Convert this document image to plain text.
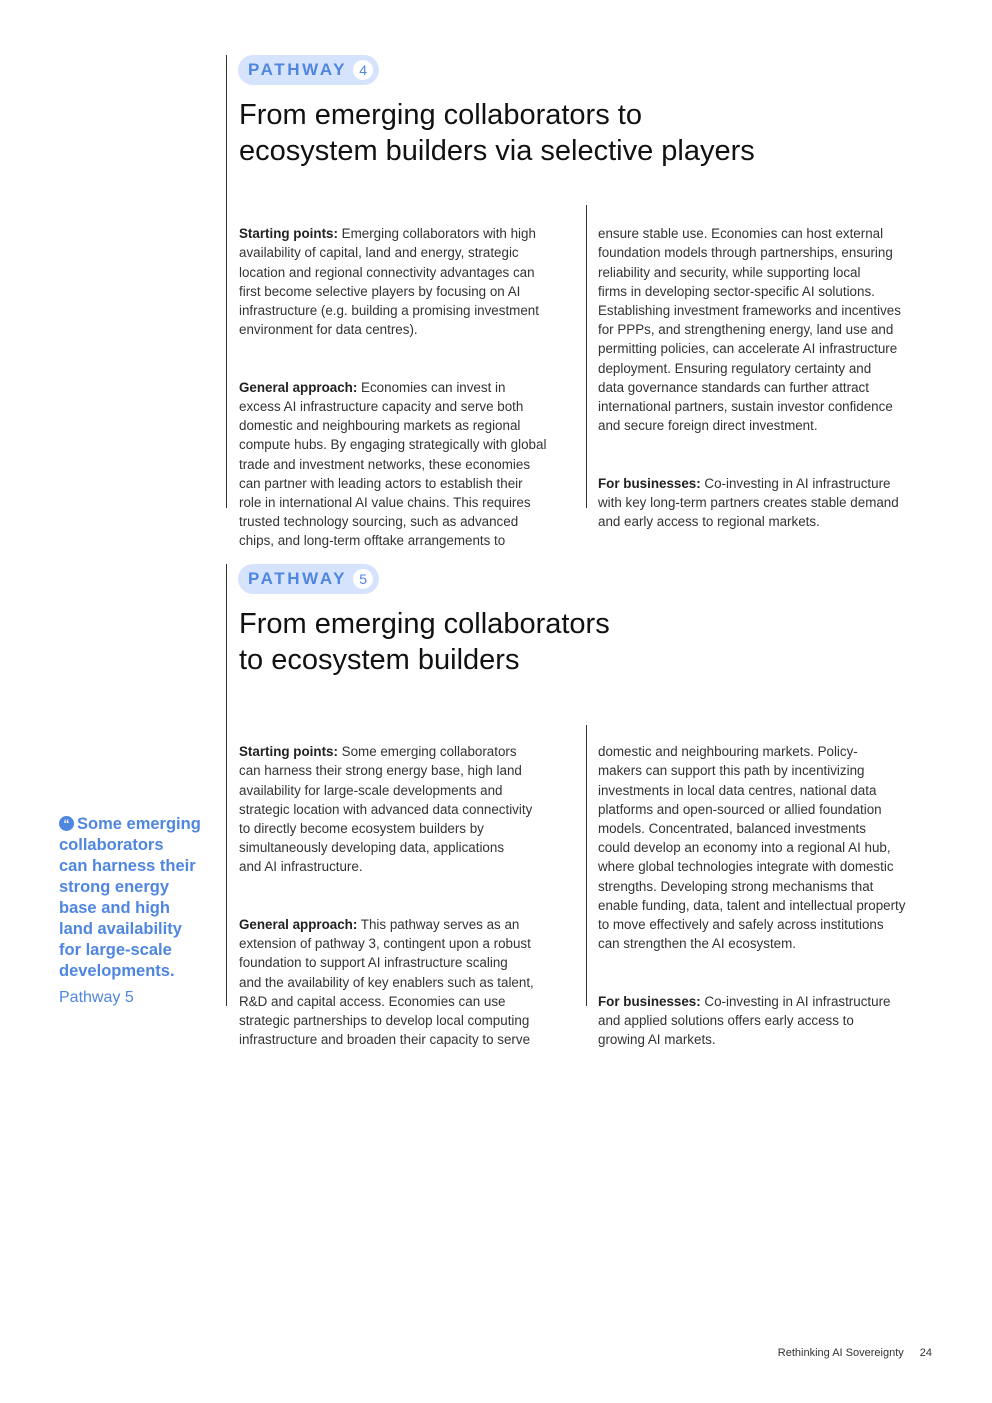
PATHWAY 4
From emerging collaborators to
ecosystem builders via selective players

Starting points: Emerging collaborators with high
availability of capital, land and energy, strategic
location and regional connectivity advantages can
first become selective players by focusing on AI
infrastructure (e.g. building a promising investment
environment for data centres).

General approach: Economies can invest in
excess AI infrastructure capacity and serve both
domestic and neighbouring markets as regional
compute hubs. By engaging strategically with global
trade and investment networks, these economies
can partner with leading actors to establish their
role in international AI value chains. This requires
trusted technology sourcing, such as advanced
chips, and long-term offtake arrangements to

ensure stable use. Economies can host external
foundation models through partnerships, ensuring
reliability and security, while supporting local
firms in developing sector-specific AI solutions.
Establishing investment frameworks and incentives
for PPPs, and strengthening energy, land use and
permitting policies, can accelerate AI infrastructure
deployment. Ensuring regulatory certainty and
data governance standards can further attract
international partners, sustain investor confidence
and secure foreign direct investment.

For businesses: Co-investing in AI infrastructure
with key long-term partners creates stable demand
and early access to regional markets.

PATHWAY 5
From emerging collaborators
to ecosystem builders

Starting points: Some emerging collaborators
can harness their strong energy base, high land
availability for large-scale developments and
strategic location with advanced data connectivity
to directly become ecosystem builders by
simultaneously developing data, applications
and AI infrastructure.

General approach: This pathway serves as an
extension of pathway 3, contingent upon a robust
foundation to support AI infrastructure scaling
and the availability of key enablers such as talent,
R&D and capital access. Economies can use
strategic partnerships to develop local computing
infrastructure and broaden their capacity to serve

domestic and neighbouring markets. Policy-
makers can support this path by incentivizing
investments in local data centres, national data
platforms and open-sourced or allied foundation
models. Concentrated, balanced investments
could develop an economy into a regional AI hub,
where global technologies integrate with domestic
strengths. Developing strong mechanisms that
enable funding, data, talent and intellectual property
to move effectively and safely across institutions
can strengthen the AI ecosystem.

For businesses: Co-investing in AI infrastructure
and applied solutions offers early access to
growing AI markets.

“ Some emerging
collaborators
can harness their
strong energy
base and high
land availability
for large-scale
developments.
Pathway 5
Rethinking AI Sovereignty 24
